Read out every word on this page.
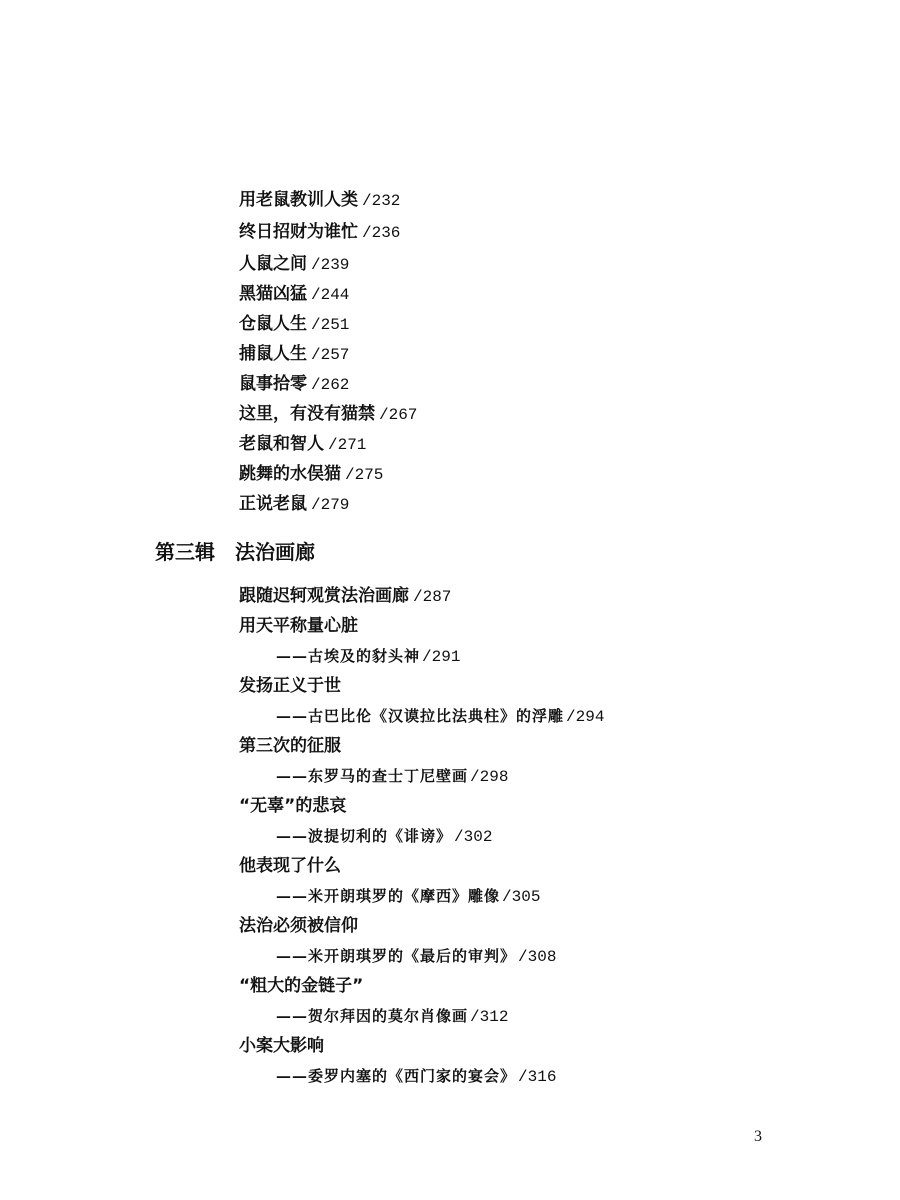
用老鼠教训人类 /232
终日招财为谁忙 /236
人鼠之间 /239
黑猫凶猛 /244
仓鼠人生 /251
捕鼠人生 /257
鼠事拾零 /262
这里，有没有猫禁 /267
老鼠和智人 /271
跳舞的水俣猫 /275
正说老鼠 /279
第三辑 法治画廊
跟随迟轲观赏法治画廊 /287
用天平称量心脏
——古埃及的豺头神 /291
发扬正义于世
——古巴比伦《汉谟拉比法典柱》的浮雕 /294
第三次的征服
——东罗马的查士丁尼壁画 /298
“无辜”的悲哀
——波提切利的《诽谤》 /302
他表现了什么
——米开朗琪罗的《摩西》雕像 /305
法治必须被信仰
——米开朗琪罗的《最后的审判》 /308
“粗大的金链子”
——贺尔拜因的莫尔肖像画 /312
小案大影响
——委罗内塞的《西门家的宴会》 /316
3
